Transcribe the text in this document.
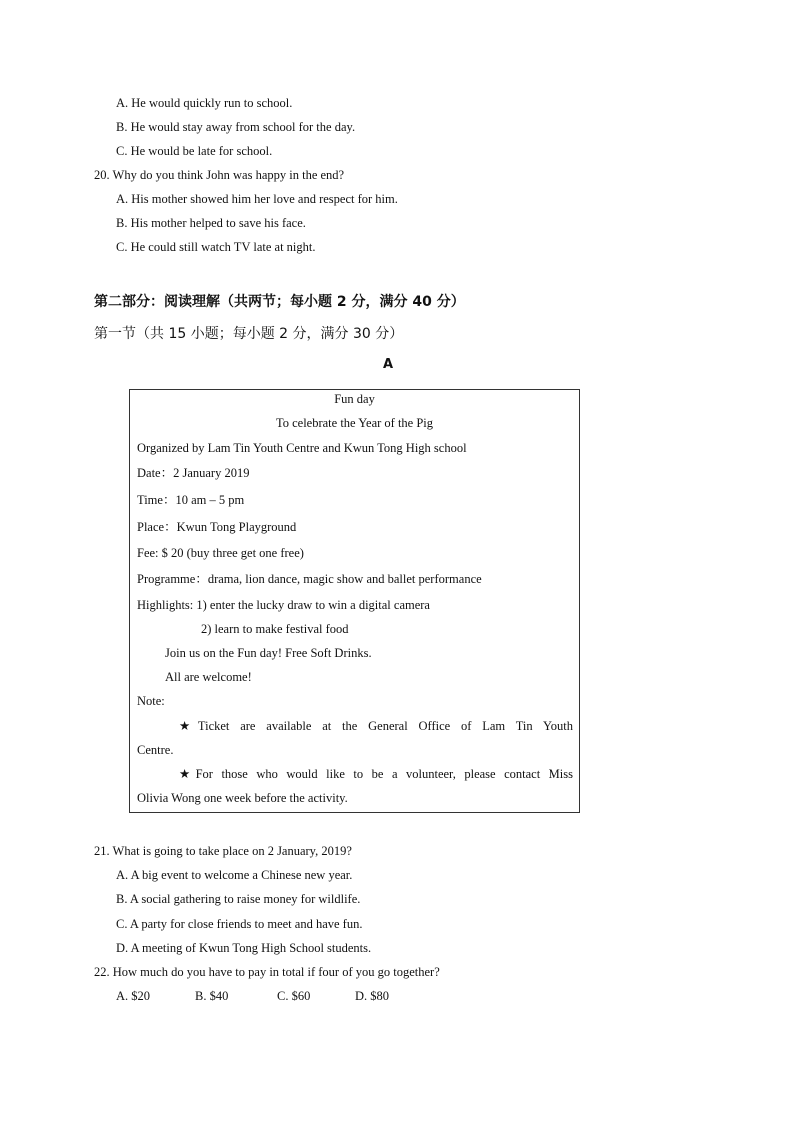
A. He would quickly run to school.
B. He would stay away from school for the day.
C. He would be late for school.
20. Why do you think John was happy in the end?
A. His mother showed him her love and respect for him.
B. His mother helped to save his face.
C. He could still watch TV late at night.
第二部分：阅读理解（共两节；每小题 2 分，满分 40 分）
第一节（共 15 小题；每小题 2 分，满分 30 分）
A
Fun day
To celebrate the Year of the Pig
Organized by Lam Tin Youth Centre and Kwun Tong High school
Date：2 January 2019
Time：10 am – 5 pm
Place：Kwun Tong Playground
Fee: $ 20 (buy three get one free)
Programme：drama, lion dance, magic show and ballet performance
Highlights: 1) enter the lucky draw to win a digital camera
2) learn to make festival food
Join us on the Fun day! Free Soft Drinks.
All are welcome!
Note:
★Ticket are available at the General Office of Lam Tin Youth
Centre.
★For those who would like to be a volunteer, please contact Miss
Olivia Wong one week before the activity.
21. What is going to take place on 2 January, 2019?
A. A big event to welcome a Chinese new year.
B. A social gathering to raise money for wildlife.
C. A party for close friends to meet and have fun.
D. A meeting of Kwun Tong High School students.
22. How much do you have to pay in total if four of you go together?
A. $20	B. $40	C. $60	D. $80
